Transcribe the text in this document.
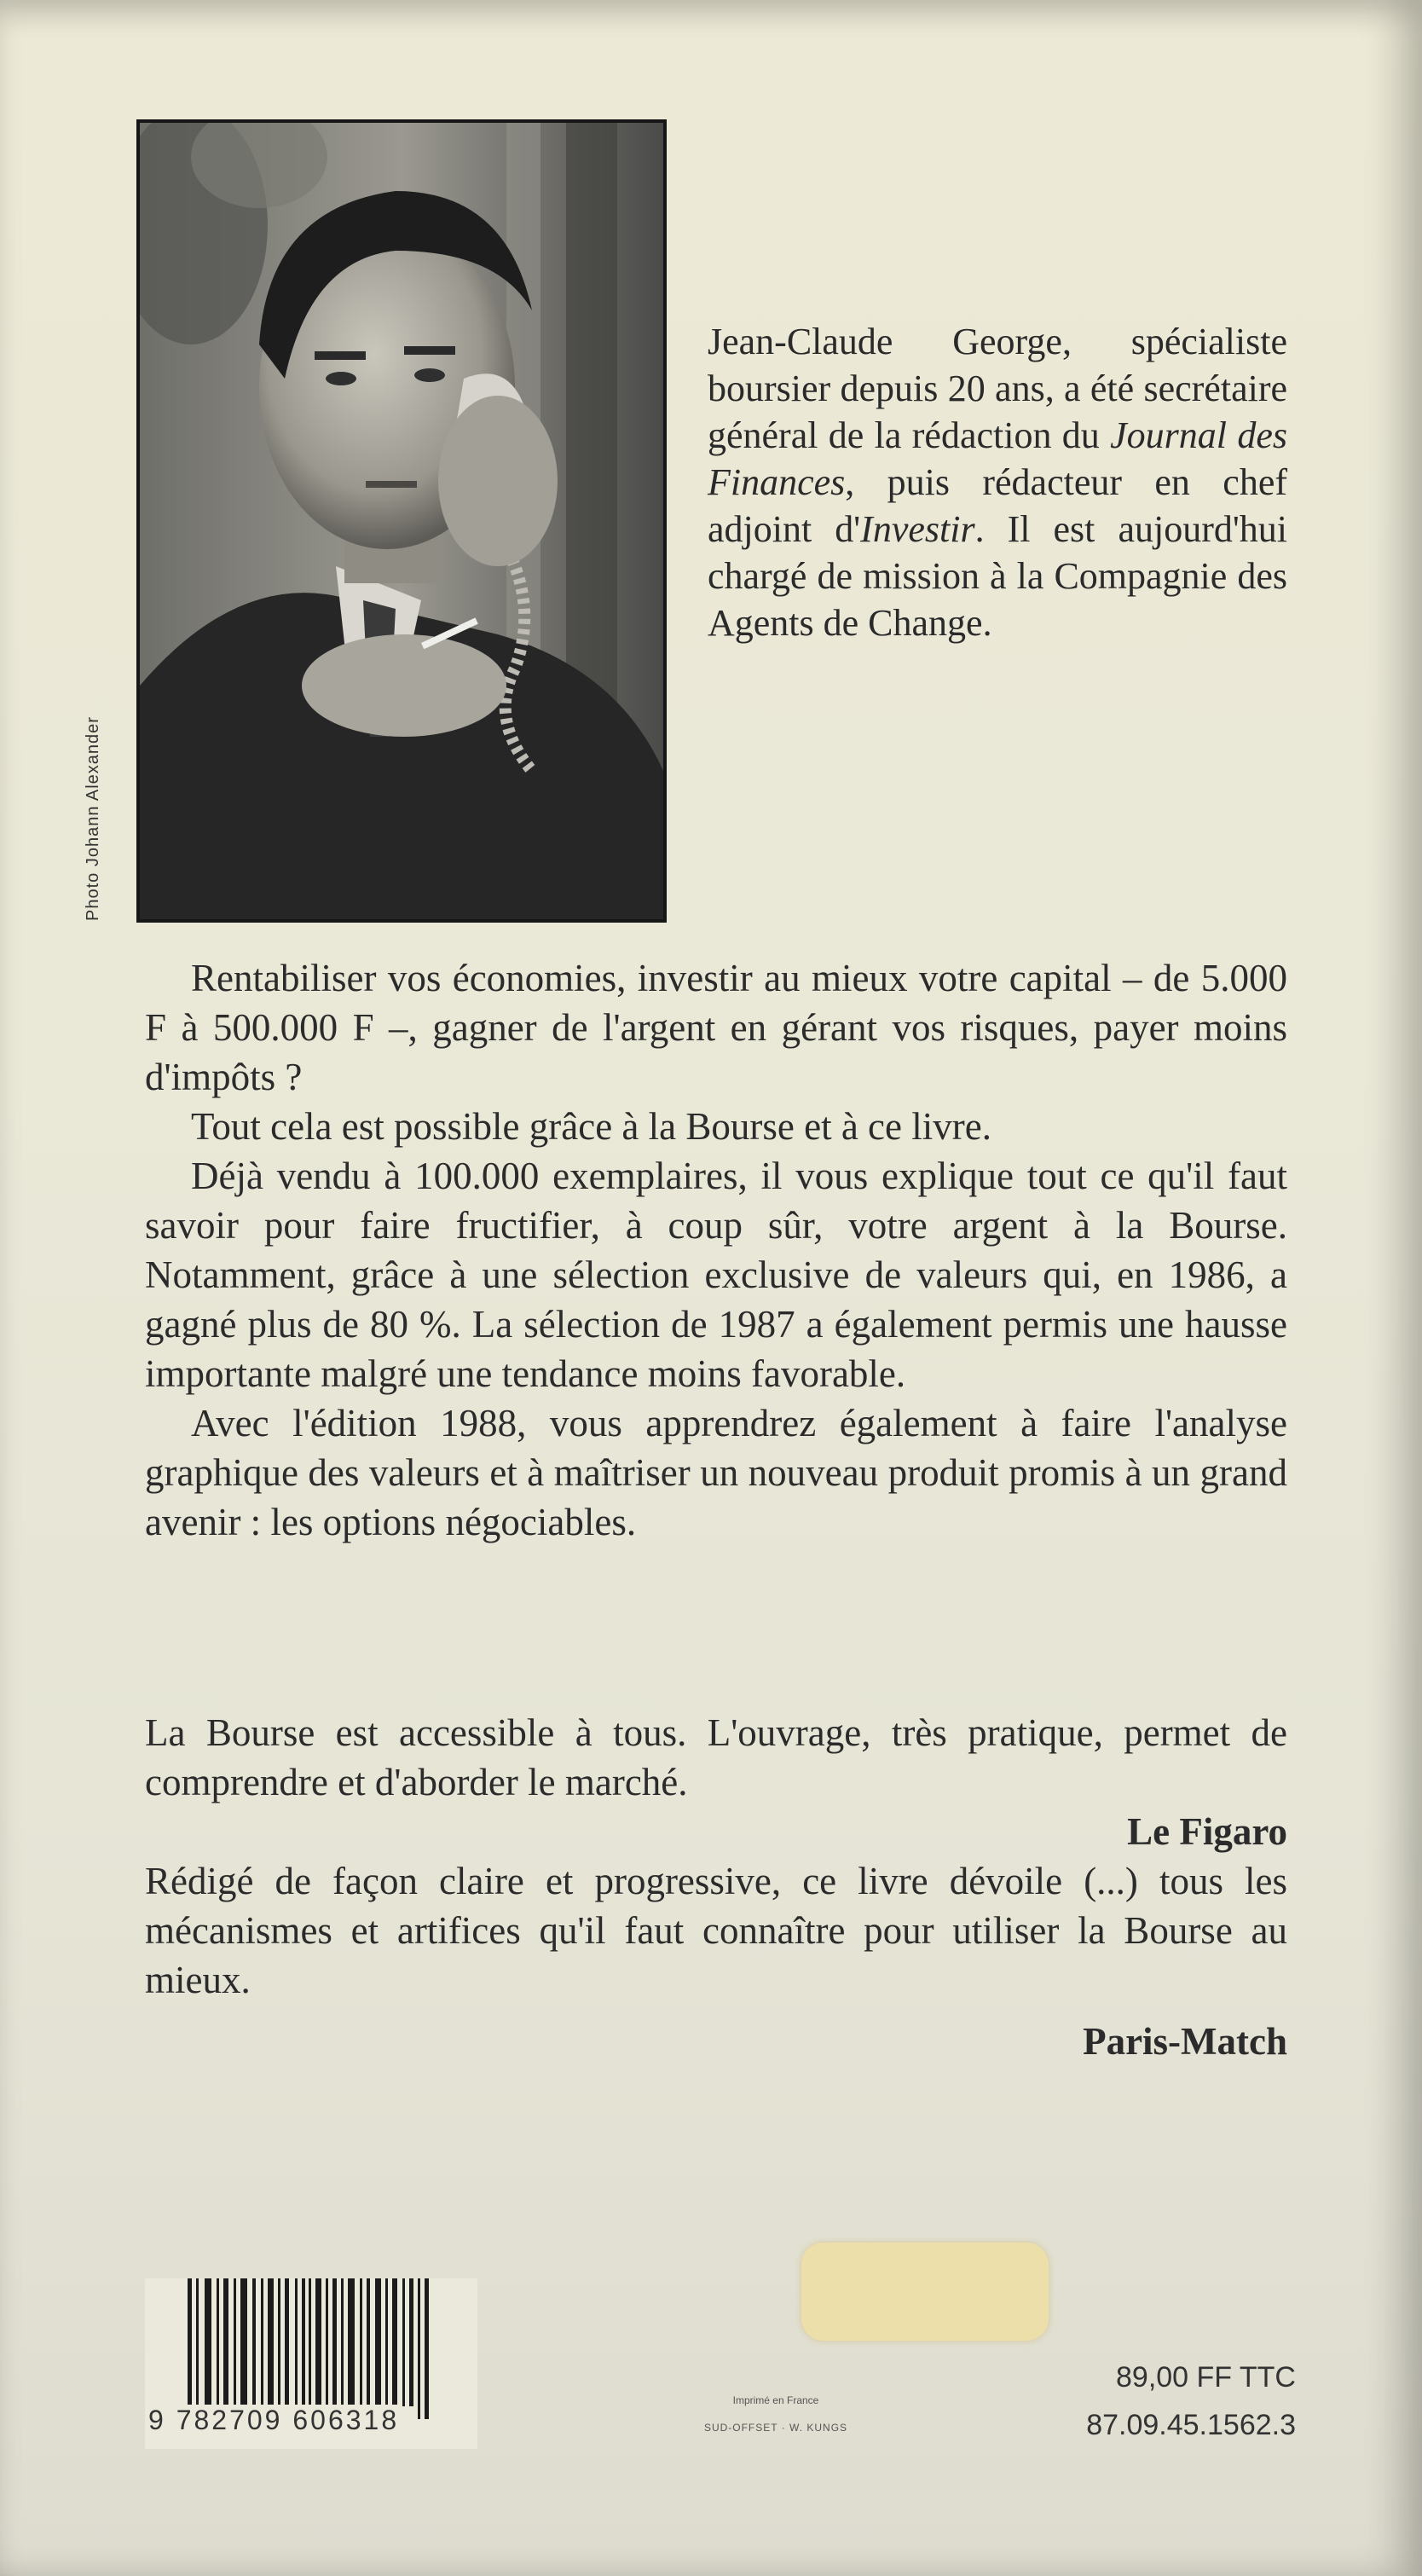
Photo Johann Alexander

Jean-Claude George, spécialiste boursier depuis 20 ans, a été secrétaire général de la rédaction du Journal des Finances, puis rédacteur en chef adjoint d'Investir. Il est aujourd'hui chargé de mission à la Compagnie des Agents de Change.

Rentabiliser vos économies, investir au mieux votre capital – de 5.000 F à 500.000 F –, gagner de l'argent en gérant vos risques, payer moins d'impôts ?

Tout cela est possible grâce à la Bourse et à ce livre.

Déjà vendu à 100.000 exemplaires, il vous explique tout ce qu'il faut savoir pour faire fructifier, à coup sûr, votre argent à la Bourse. Notamment, grâce à une sélection exclusive de valeurs qui, en 1986, a gagné plus de 80 %. La sélection de 1987 a également permis une hausse importante malgré une tendance moins favorable.

Avec l'édition 1988, vous apprendrez également à faire l'analyse graphique des valeurs et à maîtriser un nouveau produit promis à un grand avenir : les options négociables.

La Bourse est accessible à tous. L'ouvrage, très pratique, permet de comprendre et d'aborder le marché.

Le Figaro

Rédigé de façon claire et progressive, ce livre dévoile (...) tous les mécanismes et artifices qu'il faut connaître pour utiliser la Bourse au mieux.

Paris-Match

9 782709 606318
Imprimé en France
SUD-OFFSET · W. KUNGS
89,00 FF TTC
87.09.45.1562.3
